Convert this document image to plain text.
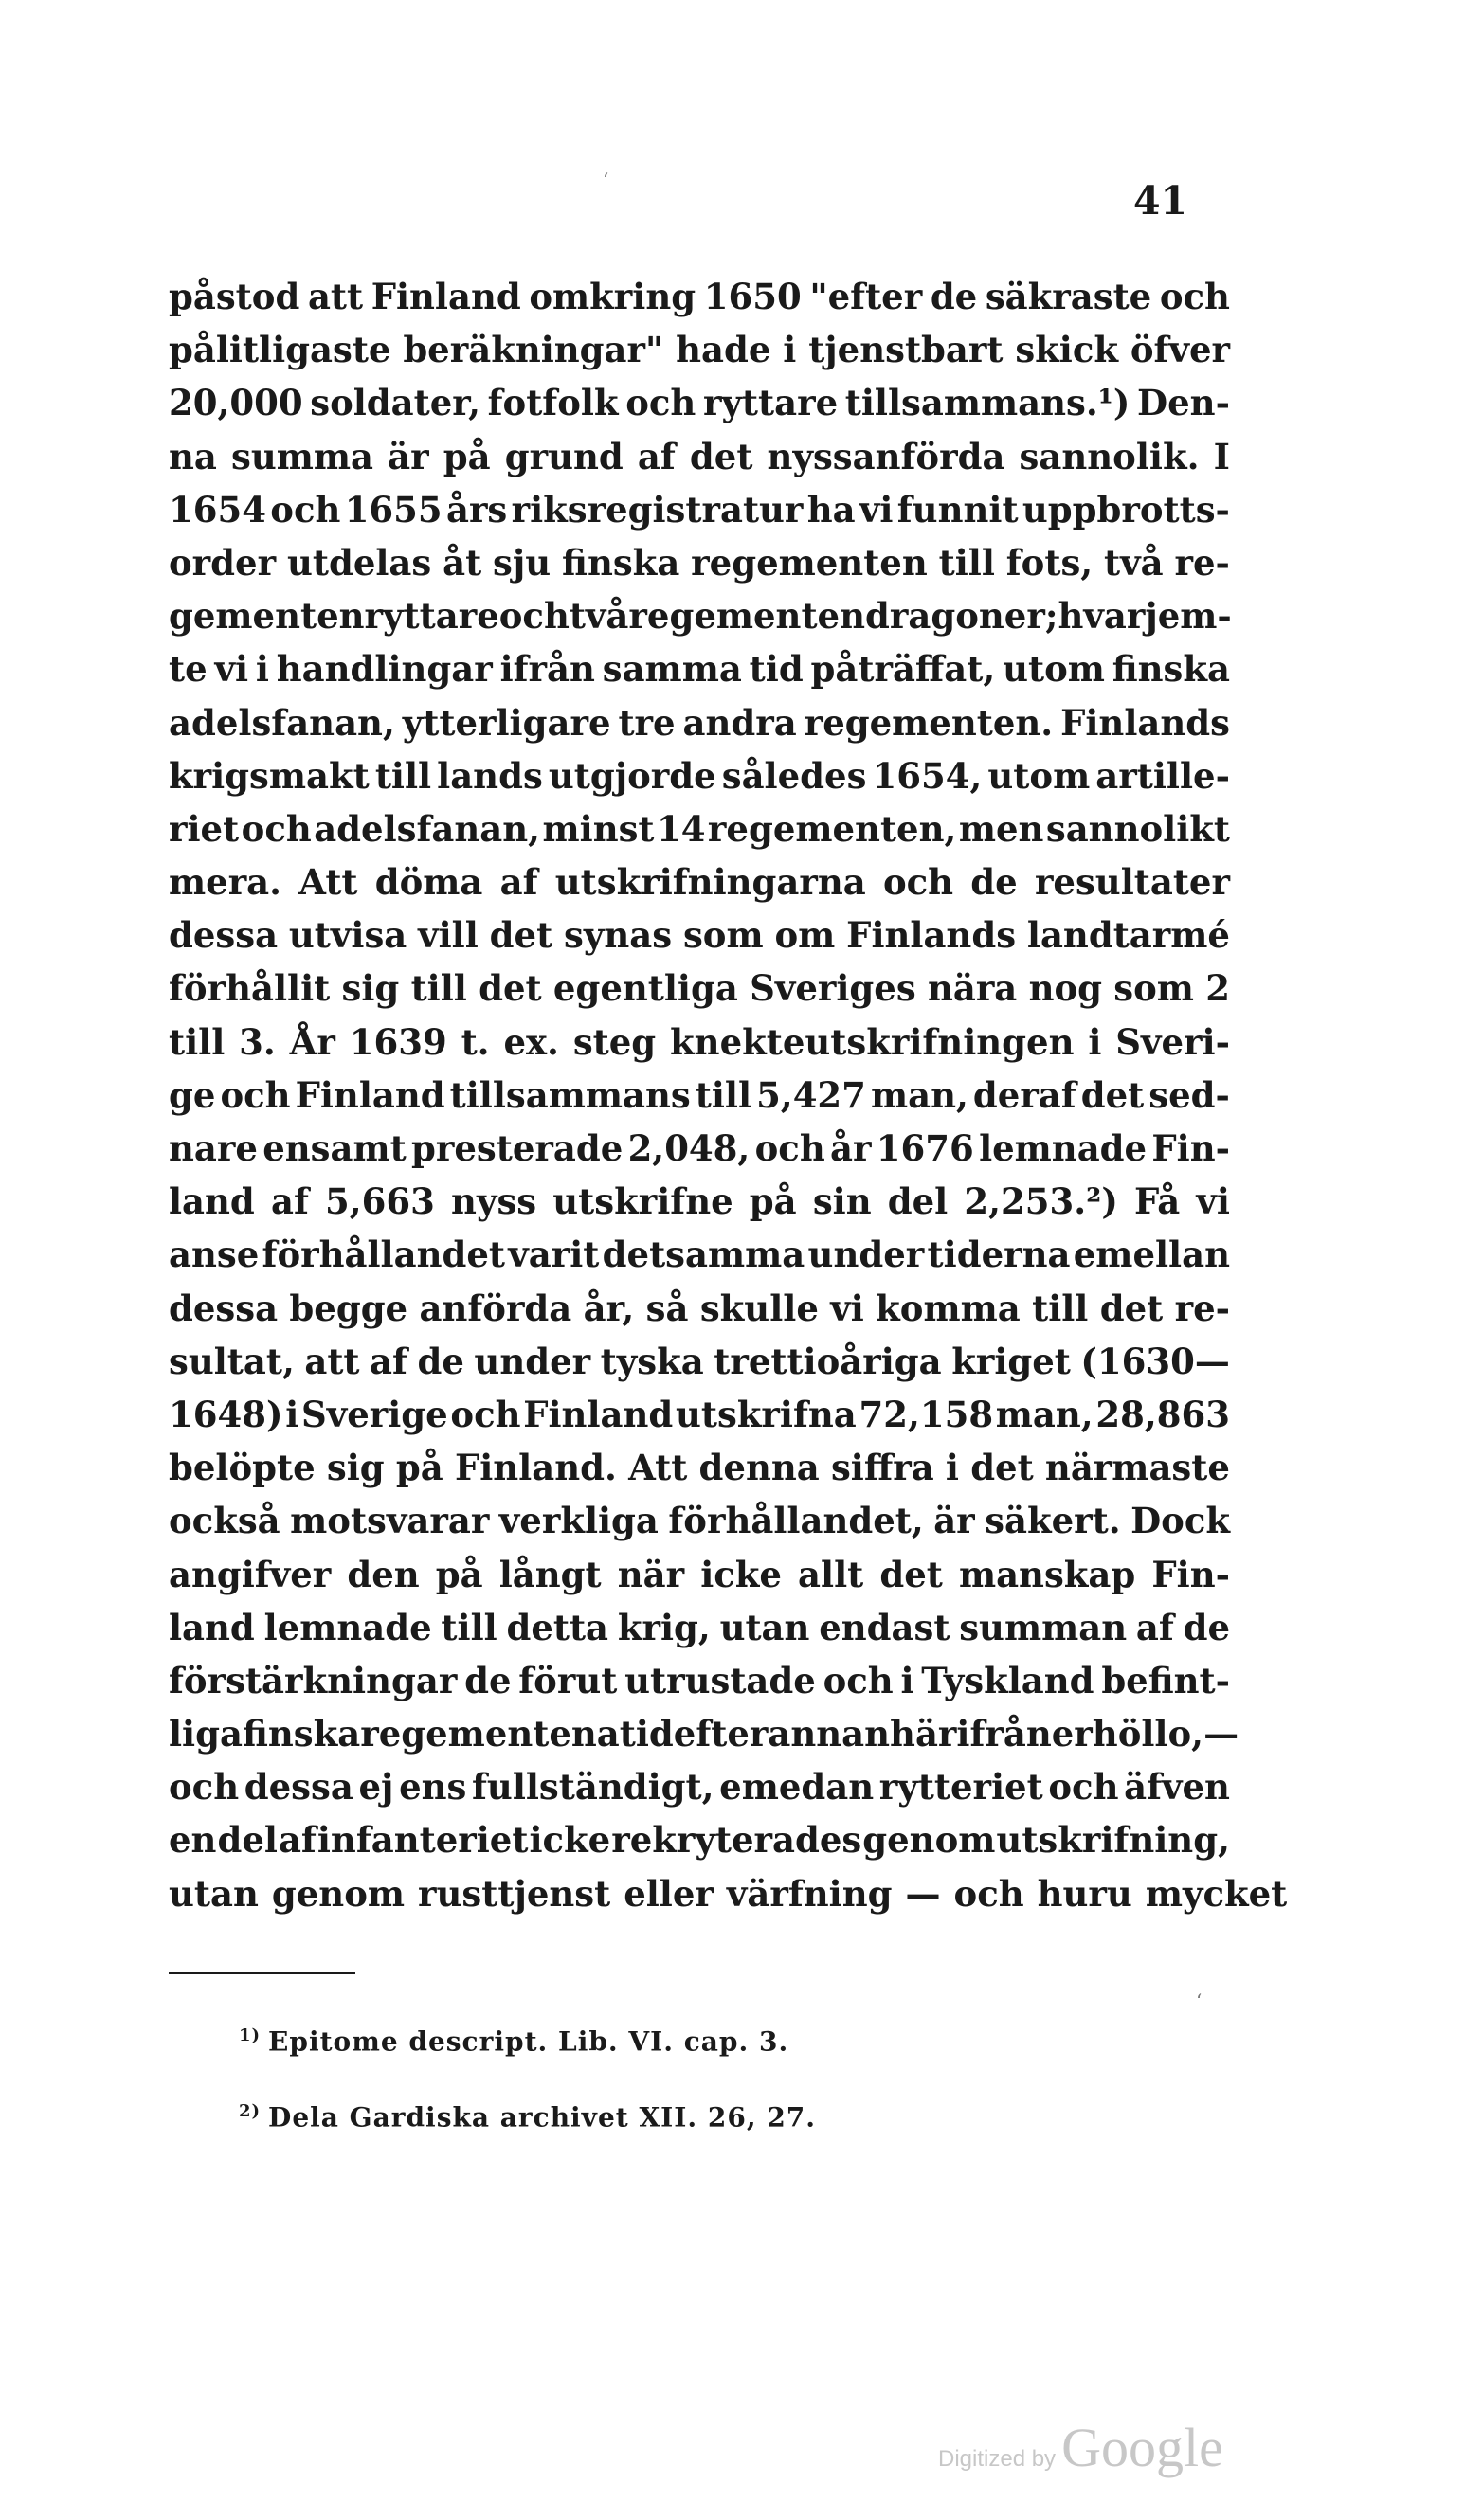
41
påstod att Finland omkring 1650 "efter de säkraste och
pålitligaste beräkningar" hade i tjenstbart skick öfver
20,000 soldater, fotfolk och ryttare tillsammans.¹) Den-
na summa är på grund af det nyssanförda sannolik. I
1654 och 1655 års riksregistratur ha vi funnit uppbrotts-
order utdelas åt sju finska regementen till fots, två re-
gementen ryttare och två regementen dragoner; hvarjem-
te vi i handlingar ifrån samma tid påträffat, utom finska
adelsfanan, ytterligare tre andra regementen. Finlands
krigsmakt till lands utgjorde således 1654, utom artille-
riet och adelsfanan, minst 14 regementen, men sannolikt
mera. Att döma af utskrifningarna och de resultater
dessa utvisa vill det synas som om Finlands landtarmé
förhållit sig till det egentliga Sveriges nära nog som 2
till 3. År 1639 t. ex. steg knekteutskrifningen i Sveri-
ge och Finland tillsammans till 5,427 man, deraf det sed-
nare ensamt presterade 2,048, och år 1676 lemnade Fin-
land af 5,663 nyss utskrifne på sin del 2,253.²) Få vi
anse förhållandet varit detsamma under tiderna emellan
dessa begge anförda år, så skulle vi komma till det re-
sultat, att af de under tyska trettioåriga kriget (1630—
1648) i Sverige och Finland utskrifna 72,158 man, 28,863
belöpte sig på Finland. Att denna siffra i det närmaste
också motsvarar verkliga förhållandet, är säkert. Dock
angifver den på långt när icke allt det manskap Fin-
land lemnade till detta krig, utan endast summan af de
förstärkningar de förut utrustade och i Tyskland befint-
liga finska regementena tid efter annan härifrån erhöllo, —
och dessa ej ens fullständigt, emedan rytteriet och äfven
en del af infanteriet icke rekryterades genom utskrifning,
utan genom rusttjenst eller värfning — och huru mycket
$^{1)}$ Epitome descript. Lib. VI. cap. 3.
$^{2)}$ Dela Gardiska archivet XII. 26, 27.
ʻ
ʻ
Digitized by Google
